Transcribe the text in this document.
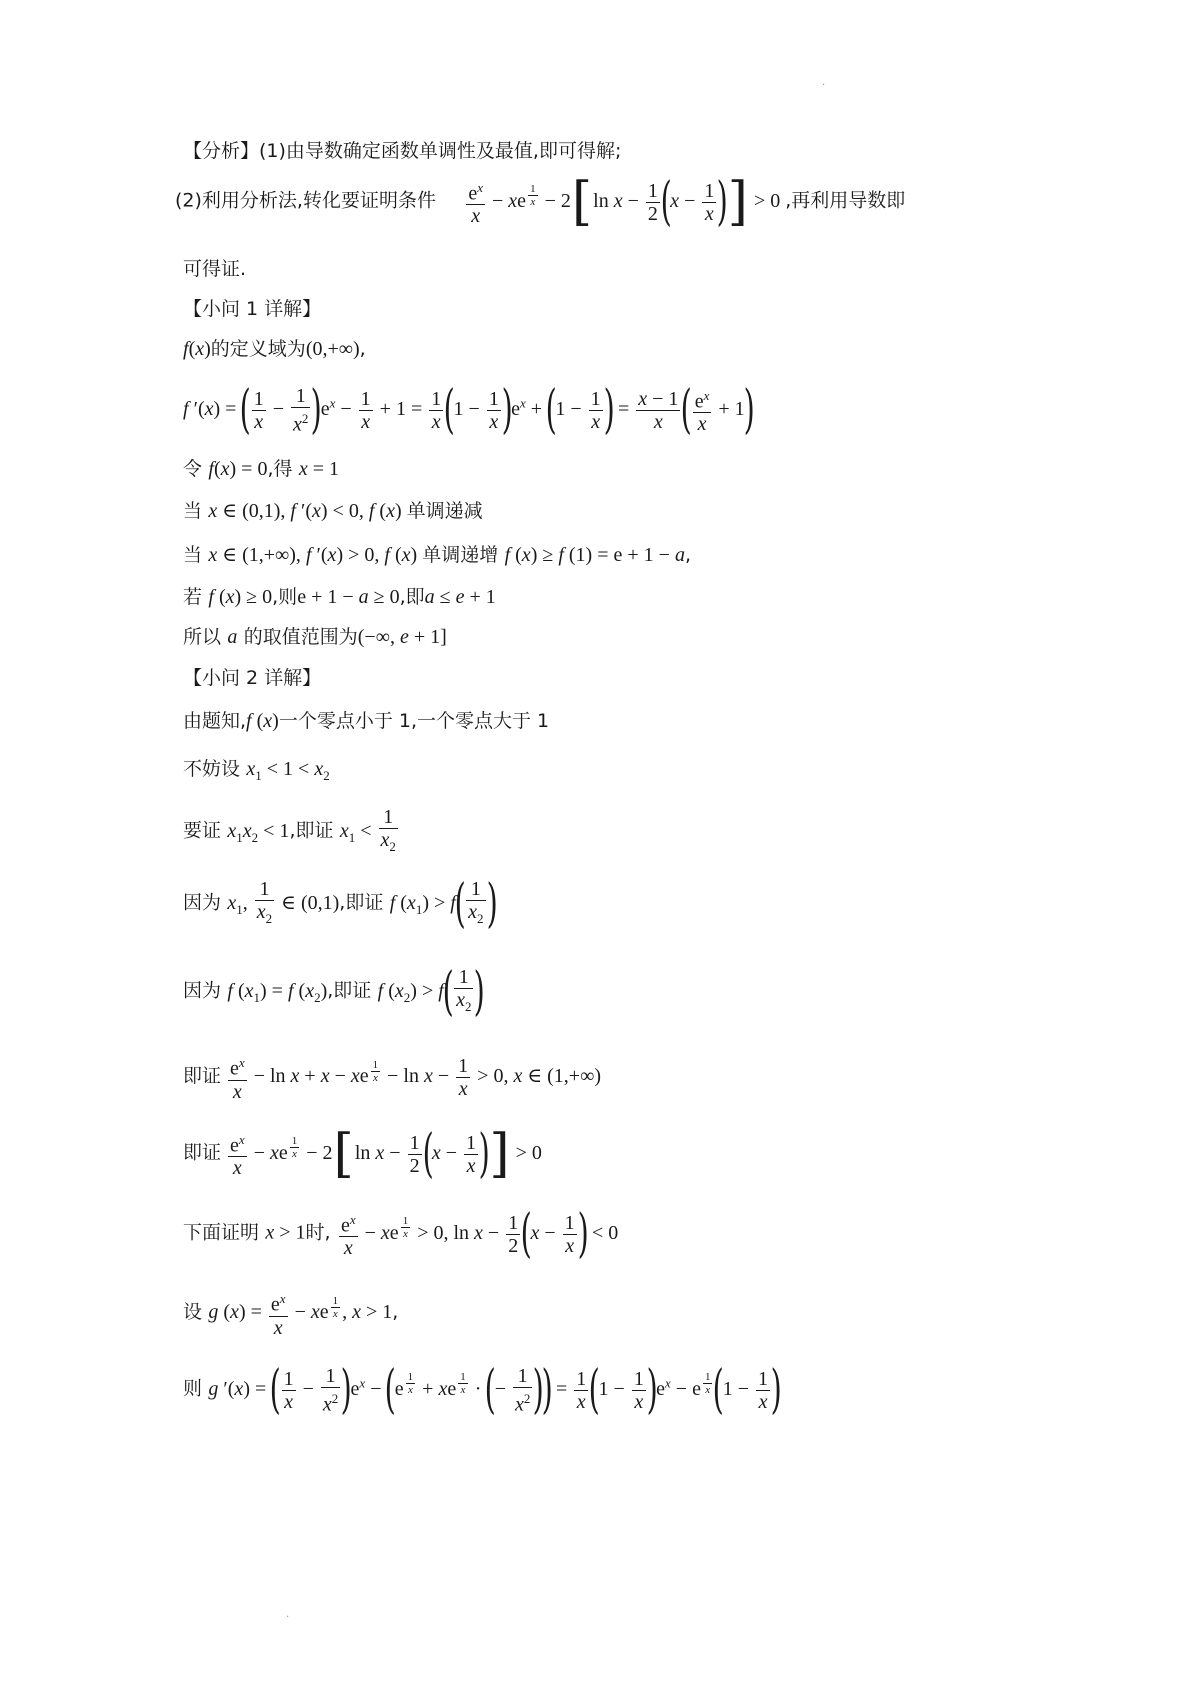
·
【分析】(1)由导数确定函数单调性及最值,即可得解;
(2)利用分析法,转化要证明条件 $\frac{e^x}{x}$ − xe $^{\frac{1}{x}}$ − 2[ln $x - \frac{1}{2} (x - \frac{1}{x}$ )] > 0 ,再利用导数即
可得证.
【小问 1 详解】
f(x)的定义域为(0,+∞),
f ′(x) = ( $\frac{1}{x} - \frac{1}{x^2} )e^x - \frac{1}{x} + 1 = \frac{1}{x} (1 - \frac{1}{x} )e^x + (1 - \frac{1}{x}$ ) = $\frac{x - 1}{x}$ ( $\frac{e^x}{x} + 1$)
令 f(x) = 0,得 x = 1
当 x ∈ (0,1), f ′(x) < 0, f (x) 单调递减
当 x ∈ (1,+∞), f ′(x) > 0, f (x) 单调递增 f (x) ≥ f (1) = e + 1 − a,
若 f (x) ≥ 0,则e + 1 − a ≥ 0,即a ≤ e + 1
所以 a 的取值范围为(−∞, e + 1]
【小问 2 详解】
由题知,f (x)一个零点小于 1,一个零点大于 1
不妨设 $x_1 < 1 < x_2$
要证 $x_1x_2 < 1$,即证 $x_1 < \frac{1}{x_2}$
因为 $x_1$, $\frac{1}{x_2}$ ∈ (0,1),即证 f $(x_1) > f( \frac{1}{x_2}$ )
因为 f $(x_1) = f$ $(x_2)$,即证 f $(x_2) > f( \frac{1}{x_2}$ )
即证 $\frac{e^x}{x} - \ln x + x$ − xe $^{\frac{1}{x}} - \ln x - \frac{1}{x} > 0$, x ∈ (1,+∞)
即证 $\frac{e^x}{x}$ − xe $^{\frac{1}{x}}$ − 2[ln $x - \frac{1}{2} (x - \frac{1}{x}$ )] > 0
下面证明 x > 1时, $\frac{e^x}{x}$ − xe $^{\frac{1}{x}}$ > 0, $\ln x - \frac{1}{2} (x - \frac{1}{x}$ ) < 0
设 g $(x) = \frac{e^x}{x}$ − xe $^{\frac{1}{x}}$ , x > 1,
则 g ′(x) = ( $\frac{1}{x} - \frac{1}{x^2} )e^x - (e$ $^{\frac{1}{x}}$ + xe $^{\frac{1}{x}}$ · (− $\frac{1}{x^2}$ )) = $\frac{1}{x} (1 - \frac{1}{x} )e^x - e$ $^{\frac{1}{x}}$ ($1 - \frac{1}{x}$ )
·
